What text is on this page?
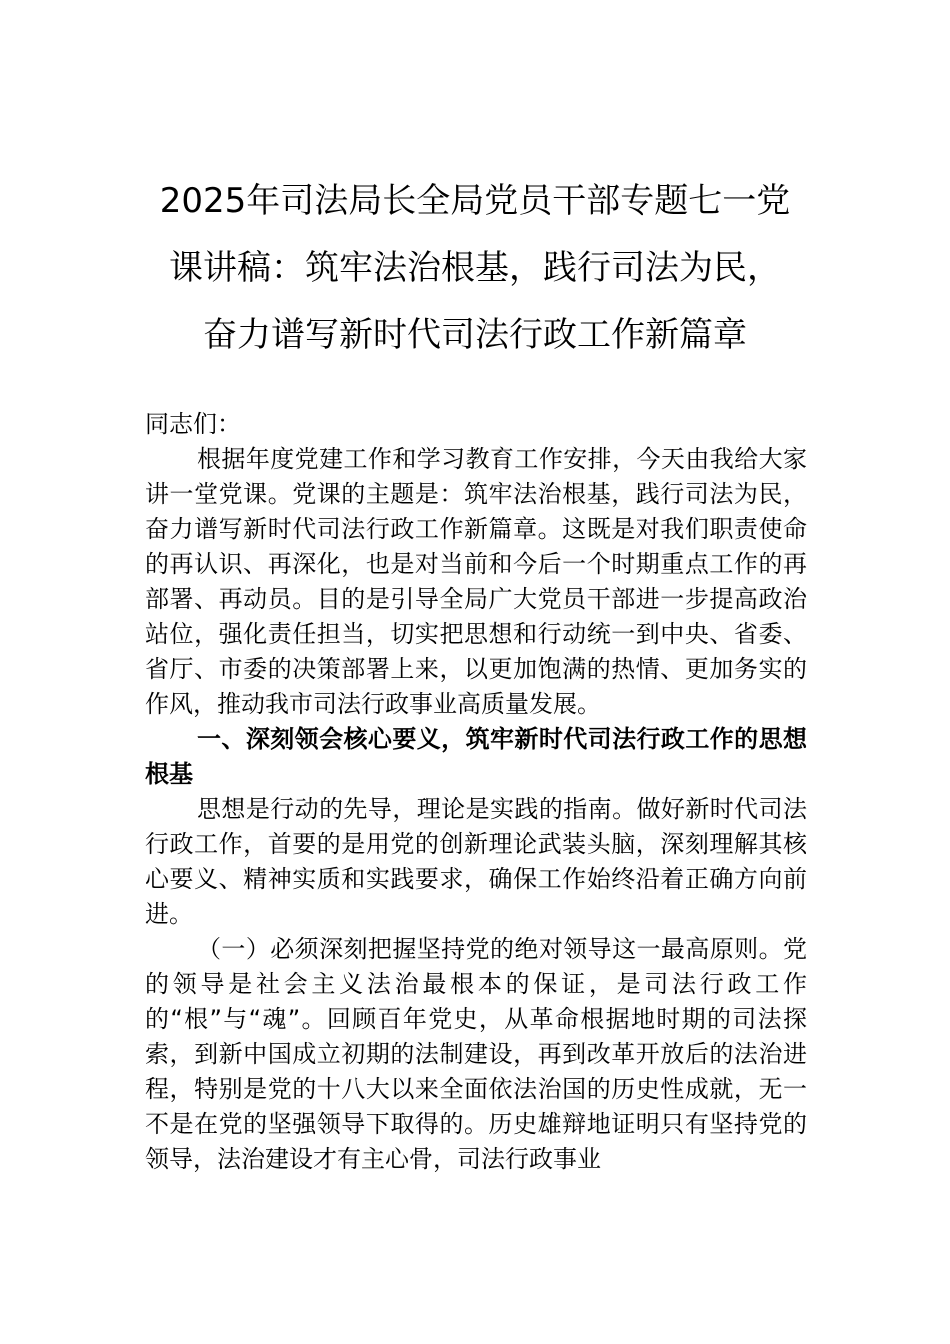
2025年司法局长全局党员干部专题七一党
课讲稿：筑牢法治根基，践行司法为民，
奋力谱写新时代司法行政工作新篇章

同志们：

根据年度党建工作和学习教育工作安排，今天由我给大家讲一堂党课。党课的主题是：筑牢法治根基，践行司法为民，奋力谱写新时代司法行政工作新篇章。这既是对我们职责使命的再认识、再深化，也是对当前和今后一个时期重点工作的再部署、再动员。目的是引导全局广大党员干部进一步提高政治站位，强化责任担当，切实把思想和行动统一到中央、省委、省厅、市委的决策部署上来，以更加饱满的热情、更加务实的作风，推动我市司法行政事业高质量发展。

一、深刻领会核心要义，筑牢新时代司法行政工作的思想根基

思想是行动的先导，理论是实践的指南。做好新时代司法行政工作，首要的是用党的创新理论武装头脑，深刻理解其核心要义、精神实质和实践要求，确保工作始终沿着正确方向前进。

（一）必须深刻把握坚持党的绝对领导这一最高原则。党的领导是社会主义法治最根本的保证，是司法行政工作的“根”与“魂”。回顾百年党史，从革命根据地时期的司法探索，到新中国成立初期的法制建设，再到改革开放后的法治进程，特别是党的十八大以来全面依法治国的历史性成就，无一不是在党的坚强领导下取得的。历史雄辩地证明只有坚持党的领导，法治建设才有主心骨，司法行政事业
